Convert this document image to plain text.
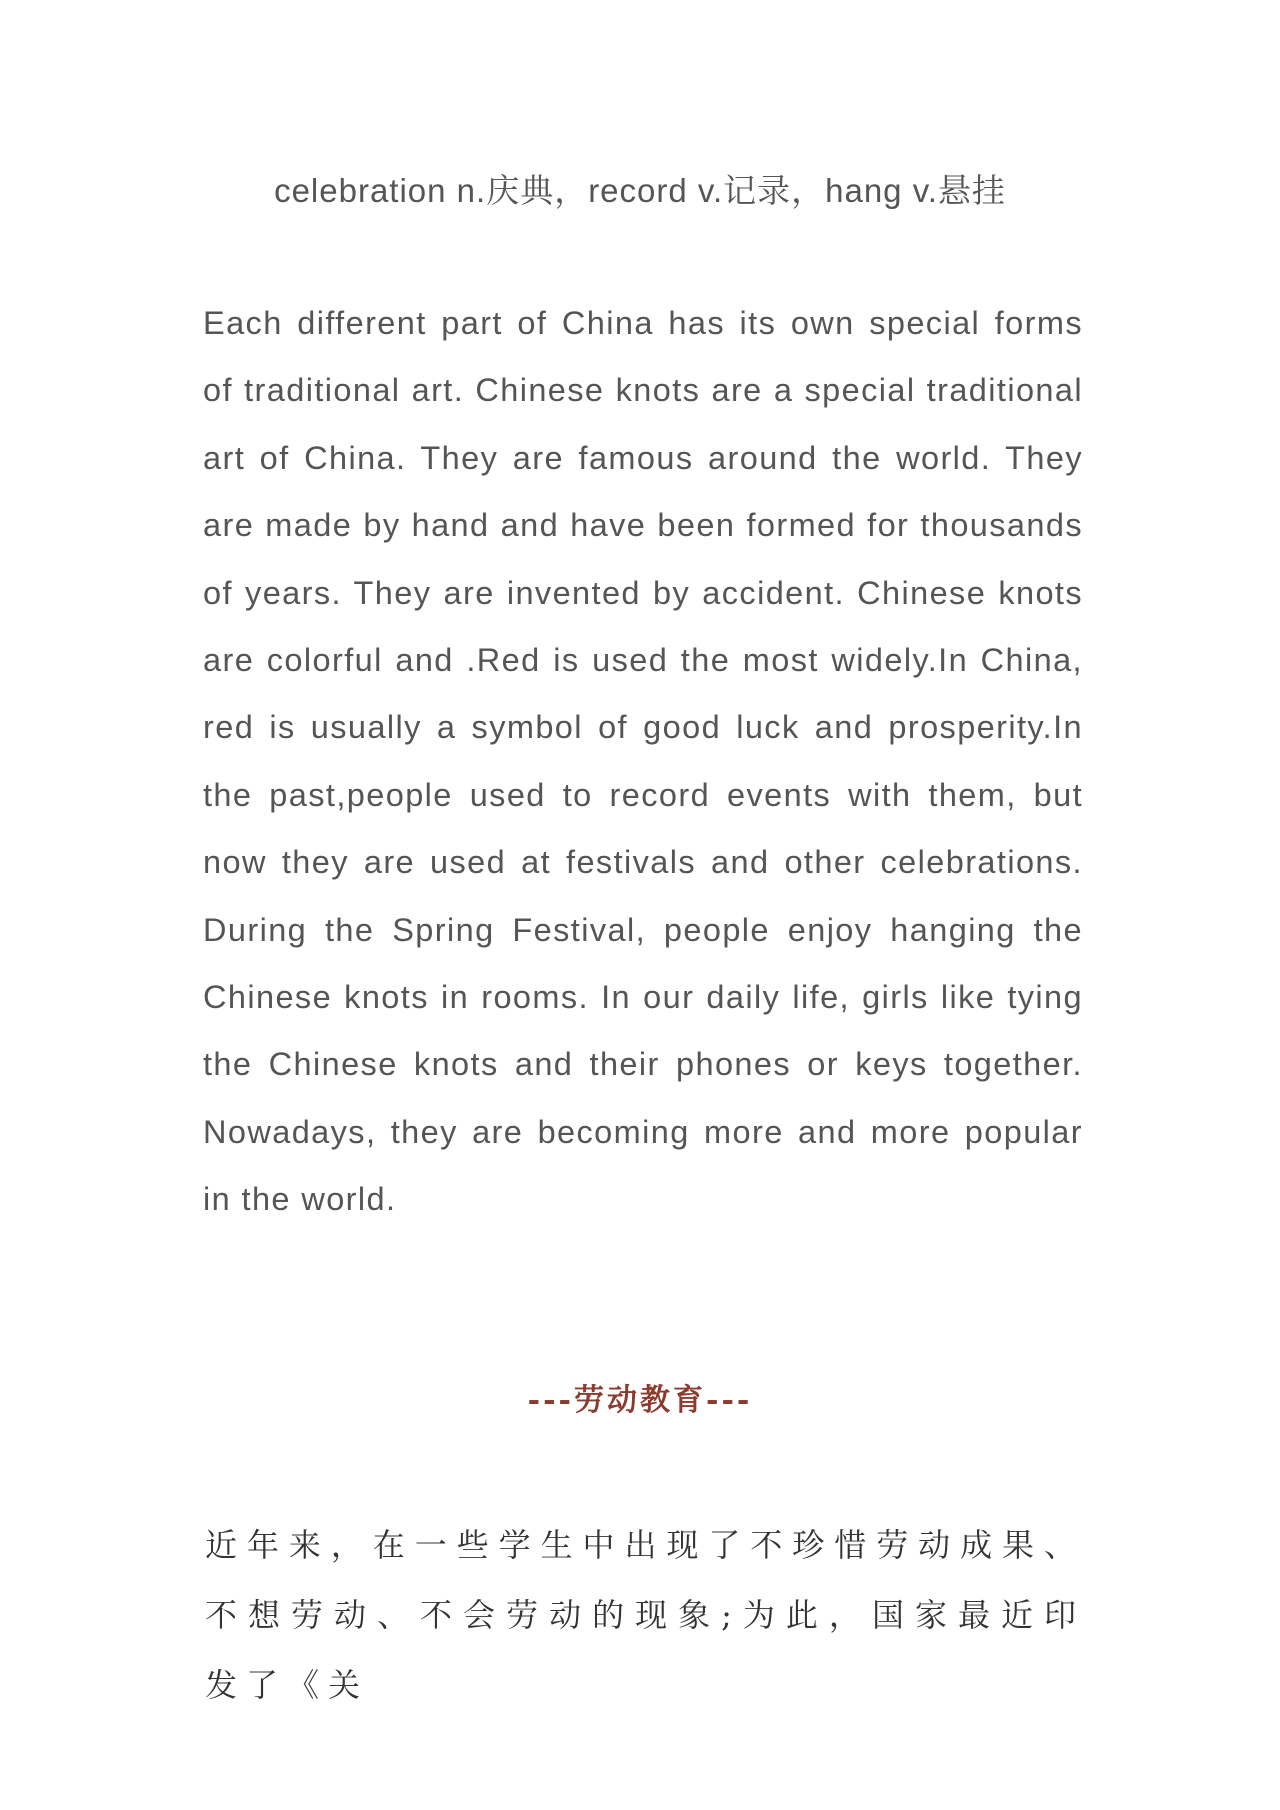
celebration n.庆典，record v.记录，hang v.悬挂

Each different part of China has its own special forms of traditional art. Chinese knots are a special traditional art of China. They are famous around the world. They are made by hand and have been formed for thousands of years. They are invented by accident. Chinese knots are colorful and .Red is used the most widely.In China, red is usually a symbol of good luck and prosperity.In the past,people used to record events with them, but now they are used at festivals and other celebrations. During the Spring Festival, people enjoy hanging the Chinese knots in rooms. In our daily life, girls like tying the Chinese knots and their phones or keys together. Nowadays, they are becoming more and more popular in the world.

---劳动教育---

近年来，在一些学生中出现了不珍惜劳动成果、不想劳动、不会劳动的现象;为此，国家最近印发了《关
